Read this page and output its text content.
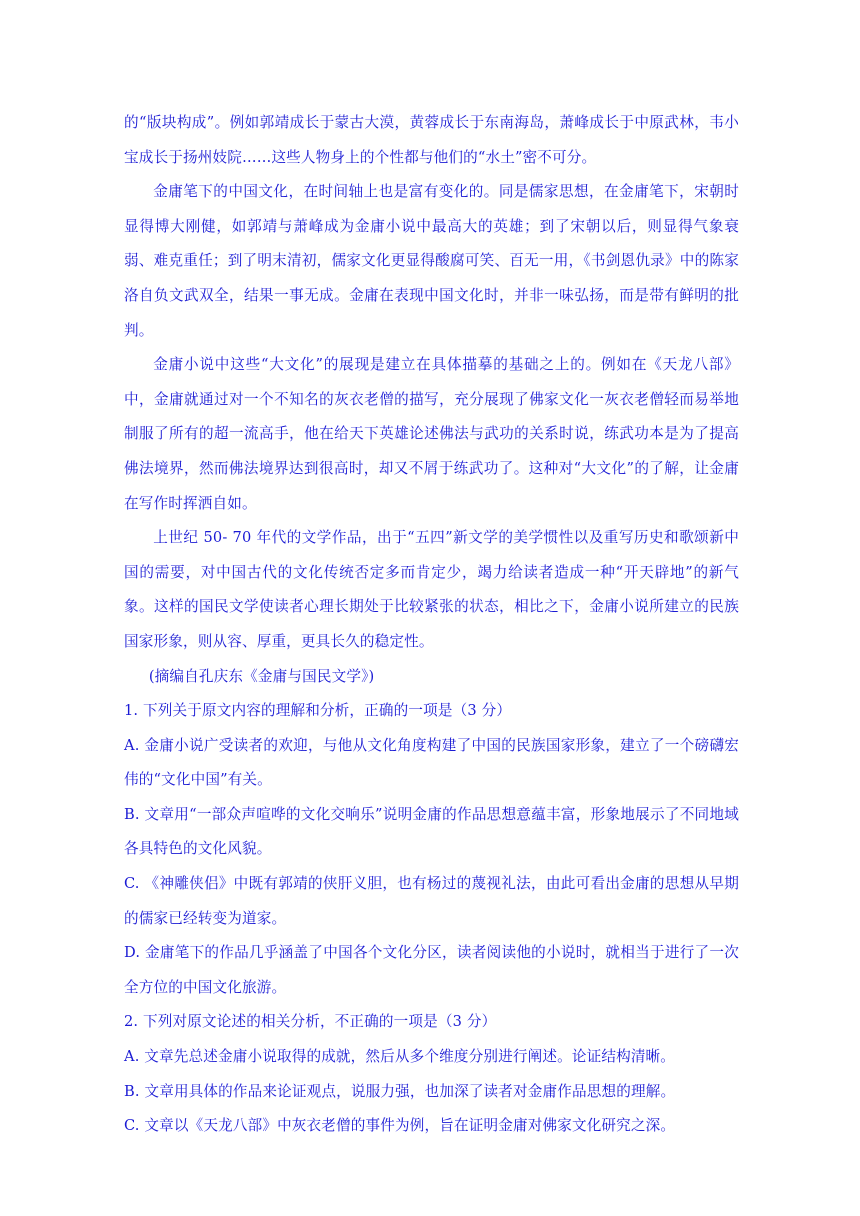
的“版块构成”。例如郭靖成长于蒙古大漠，黄蓉成长于东南海岛，萧峰成长于中原武林，韦小宝成长于扬州妓院……这些人物身上的个性都与他们的“水土”密不可分。

金庸笔下的中国文化，在时间轴上也是富有变化的。同是儒家思想，在金庸笔下，宋朝时显得博大刚健，如郭靖与萧峰成为金庸小说中最高大的英雄；到了宋朝以后，则显得气象衰弱、难克重任；到了明末清初，儒家文化更显得酸腐可笑、百无一用，《书剑恩仇录》中的陈家洛自负文武双全，结果一事无成。金庸在表现中国文化时，并非一味弘扬，而是带有鲜明的批判。

金庸小说中这些“大文化”的展现是建立在具体描摹的基础之上的。例如在《天龙八部》中，金庸就通过对一个不知名的灰衣老僧的描写，充分展现了佛家文化一灰衣老僧轻而易举地制服了所有的超一流高手，他在给天下英雄论述佛法与武功的关系时说，练武功本是为了提高佛法境界，然而佛法境界达到很高时，却又不屑于练武功了。这种对“大文化”的了解，让金庸在写作时挥洒自如。

上世纪 50- 70 年代的文学作品，出于“五四”新文学的美学惯性以及重写历史和歌颂新中国的需要，对中国古代的文化传统否定多而肯定少，竭力给读者造成一种“开天辟地”的新气象。这样的国民文学使读者心理长期处于比较紧张的状态，相比之下，金庸小说所建立的民族国家形象，则从容、厚重，更具长久的稳定性。

(摘编自孔庆东《金庸与国民文学》)

1. 下列关于原文内容的理解和分析，正确的一项是（3 分）

A. 金庸小说广受读者的欢迎，与他从文化角度构建了中国的民族国家形象，建立了一个磅礴宏伟的“文化中国”有关。

B. 文章用“一部众声喧哗的文化交响乐”说明金庸的作品思想意蕴丰富，形象地展示了不同地域各具特色的文化风貌。

C. 《神雕侠侣》中既有郭靖的侠肝义胆，也有杨过的蔑视礼法，由此可看出金庸的思想从早期的儒家已经转变为道家。

D. 金庸笔下的作品几乎涵盖了中国各个文化分区，读者阅读他的小说时，就相当于进行了一次全方位的中国文化旅游。

2. 下列对原文论述的相关分析，不正确的一项是（3 分）

A. 文章先总述金庸小说取得的成就，然后从多个维度分别进行阐述。论证结构清晰。

B. 文章用具体的作品来论证观点，说服力强，也加深了读者对金庸作品思想的理解。

C. 文章以《天龙八部》中灰衣老僧的事件为例，旨在证明金庸对佛家文化研究之深。
